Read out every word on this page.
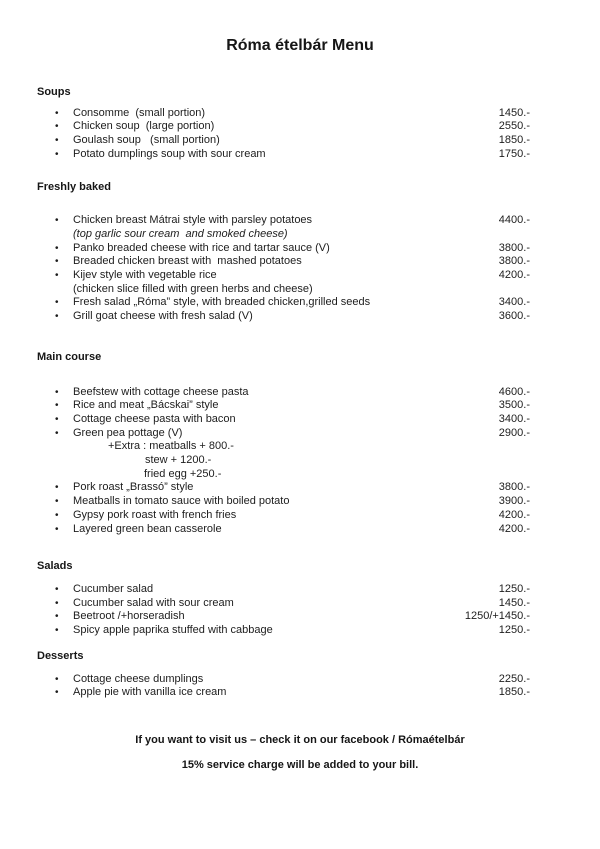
Róma ételbár Menu
Soups
•	Consomme  (small portion)	1450.-
•	Chicken soup  (large portion)	2550.-
•	Goulash soup   (small portion)	1850.-
•	Potato dumplings soup with sour cream	1750.-
Freshly baked
•	Chicken breast Mátrai style with parsley potatoes	4400.-
(top garlic sour cream  and smoked cheese)
•	Panko breaded cheese with rice and tartar sauce (V)	3800.-
•	Breaded chicken breast with  mashed potatoes	3800.-
•	Kijev style with vegetable rice	4200.-
(chicken slice filled with green herbs and cheese)
•	Fresh salad „Róma” style, with breaded chicken,grilled seeds	3400.-
•	Grill goat cheese with fresh salad (V)	3600.-
Main course
•	Beefstew with cottage cheese pasta	4600.-
•	Rice and meat „Bácskai” style	3500.-
•	Cottage cheese pasta with bacon	3400.-
•	Green pea pottage (V)	2900.-
+Extra : meatballs + 800.-
stew + 1200.-
fried egg +250.-
•	Pork roast „Brassó” style	3800.-
•	Meatballs in tomato sauce with boiled potato	3900.-
•	Gypsy pork roast with french fries	4200.-
•	Layered green bean casserole	4200.-
Salads
•	Cucumber salad	1250.-
•	Cucumber salad with sour cream	1450.-
•	Beetroot /+horseradish	1250/+1450.-
•	Spicy apple paprika stuffed with cabbage	1250.-
Desserts
•	Cottage cheese dumplings	2250.-
•	Apple pie with vanilla ice cream	1850.-

If you want to visit us – check it on our facebook / Rómaételbár

15% service charge will be added to your bill.
